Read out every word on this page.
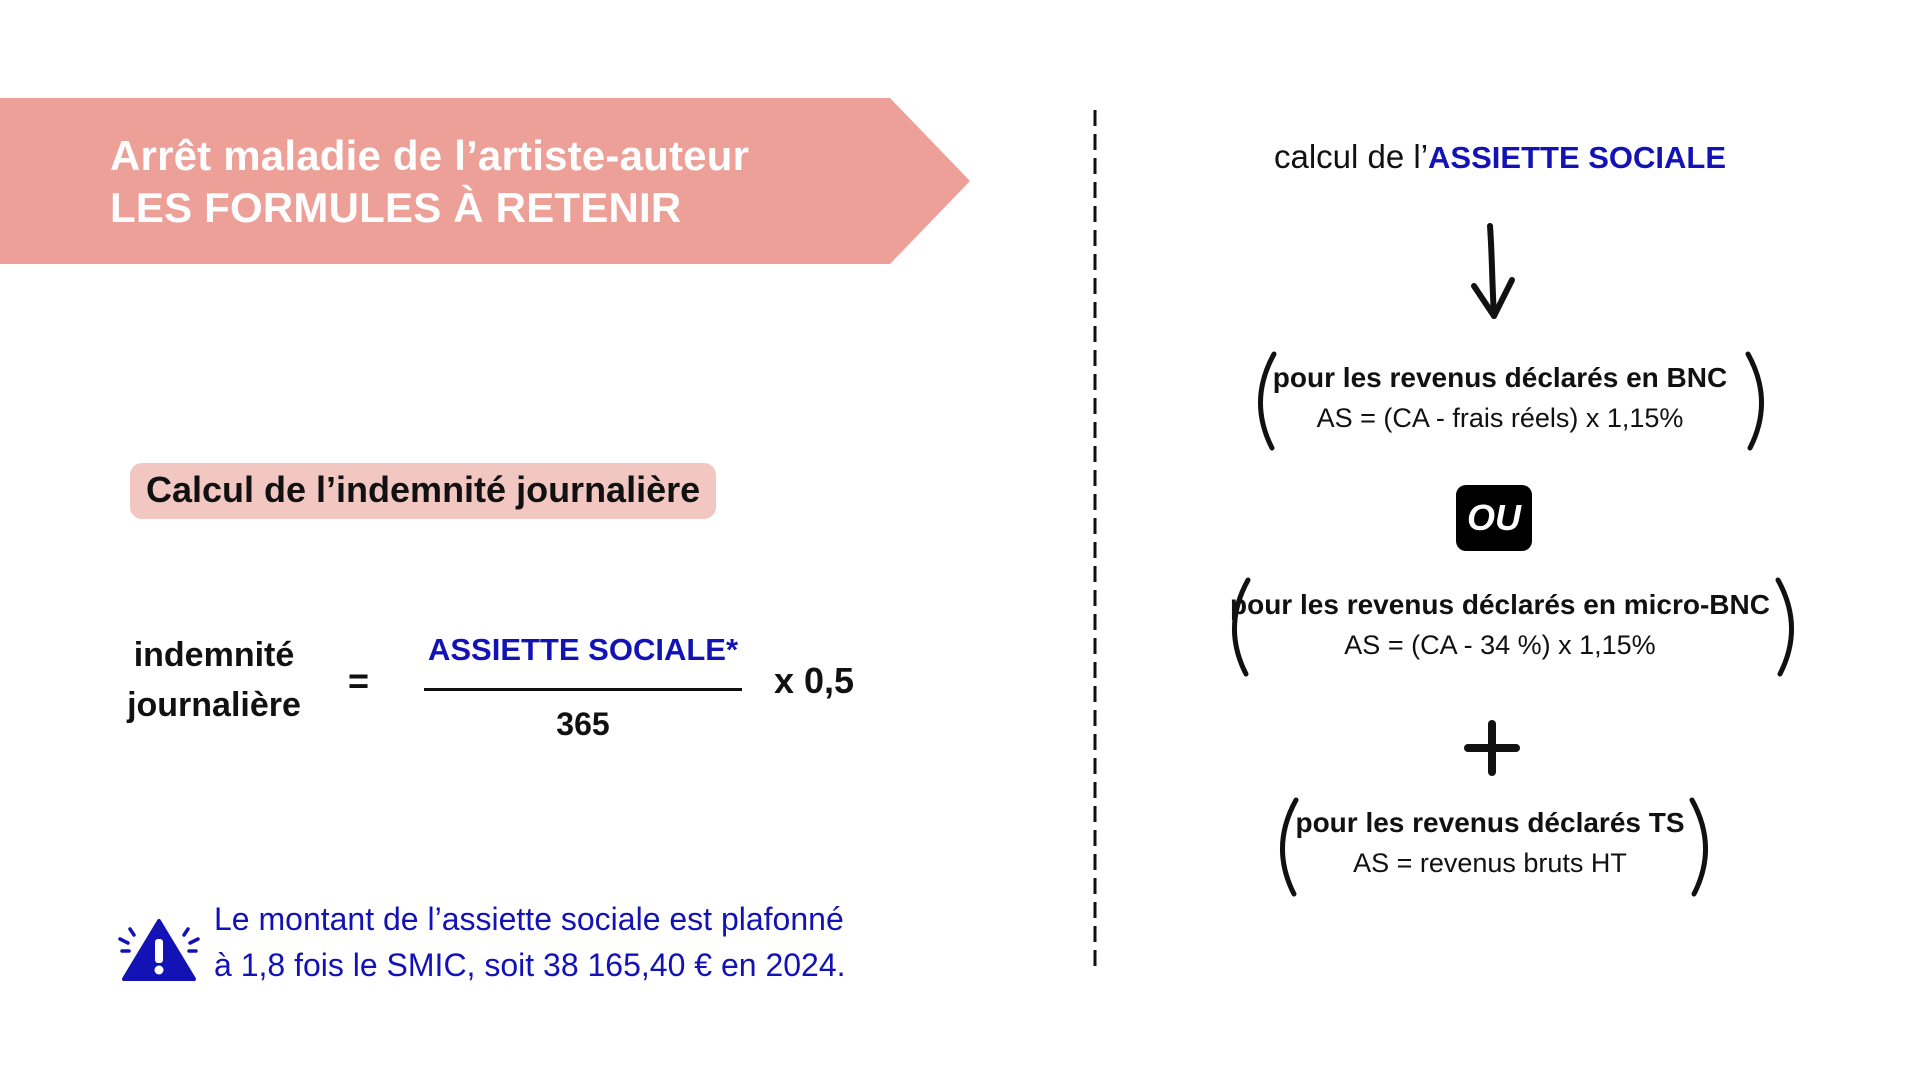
Arrêt maladie de l’artiste-auteur
LES FORMULES À RETENIR
Calcul de l’indemnité journalière
indemnité
journalière
=
ASSIETTE SOCIALE*
365
x 0,5
Le montant de l’assiette sociale est plafonné
à 1,8 fois le SMIC, soit 38 165,40 € en 2024.
calcul de l’ASSIETTE SOCIALE
pour les revenus déclarés en BNC
AS = (CA - frais réels) x 1,15%
OU
pour les revenus déclarés en micro-BNC
AS = (CA - 34 %) x 1,15%
pour les revenus déclarés TS
AS = revenus bruts HT
